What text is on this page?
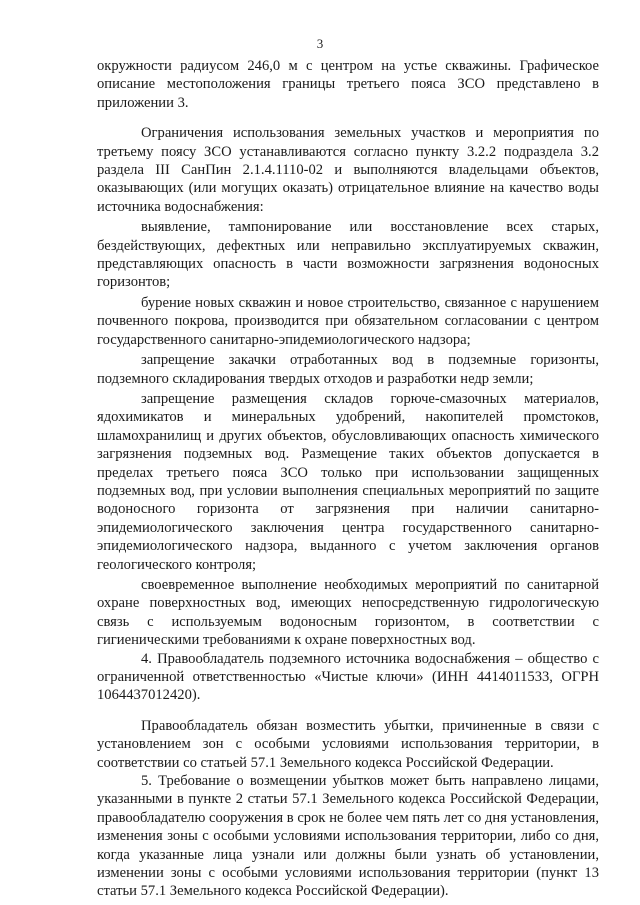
3

окружности радиусом 246,0 м с центром на устье скважины. Графическое описание местоположения границы третьего пояса ЗСО представлено в приложении 3.

Ограничения использования земельных участков и мероприятия по третьему поясу ЗСО устанавливаются согласно пункту 3.2.2 подраздела 3.2 раздела III СанПин 2.1.4.1110-02 и выполняются владельцами объектов, оказывающих (или могущих оказать) отрицательное влияние на качество воды источника водоснабжения:

выявление, тампонирование или восстановление всех старых, бездействующих, дефектных или неправильно эксплуатируемых скважин, представляющих опасность в части возможности загрязнения водоносных горизонтов;

бурение новых скважин и новое строительство, связанное с нарушением почвенного покрова, производится при обязательном согласовании с центром государственного санитарно-эпидемиологического надзора;

запрещение закачки отработанных вод в подземные горизонты, подземного складирования твердых отходов и разработки недр земли;

запрещение размещения складов горюче-смазочных материалов, ядохимикатов и минеральных удобрений, накопителей промстоков, шламохранилищ и других объектов, обусловливающих опасность химического загрязнения подземных вод. Размещение таких объектов допускается в пределах третьего пояса ЗСО только при использовании защищенных подземных вод, при условии выполнения специальных мероприятий по защите водоносного горизонта от загрязнения при наличии санитарно-эпидемиологического заключения центра государственного санитарно-эпидемиологического надзора, выданного с учетом заключения органов геологического контроля;

своевременное выполнение необходимых мероприятий по санитарной охране поверхностных вод, имеющих непосредственную гидрологическую связь с используемым водоносным горизонтом, в соответствии с гигиеническими требованиями к охране поверхностных вод.

4. Правообладатель подземного источника водоснабжения – общество с ограниченной ответственностью «Чистые ключи» (ИНН 4414011533, ОГРН 1064437012420).

Правообладатель обязан возместить убытки, причиненные в связи с установлением зон с особыми условиями использования территории, в соответствии со статьей 57.1 Земельного кодекса Российской Федерации.

5. Требование о возмещении убытков может быть направлено лицами, указанными в пункте 2 статьи 57.1 Земельного кодекса Российской Федерации, правообладателю сооружения в срок не более чем пять лет со дня установления, изменения зоны с особыми условиями использования территории, либо со дня, когда указанные лица узнали или должны были узнать об установлении, изменении зоны с особыми условиями использования территории (пункт 13 статьи 57.1 Земельного кодекса Российской Федерации).
